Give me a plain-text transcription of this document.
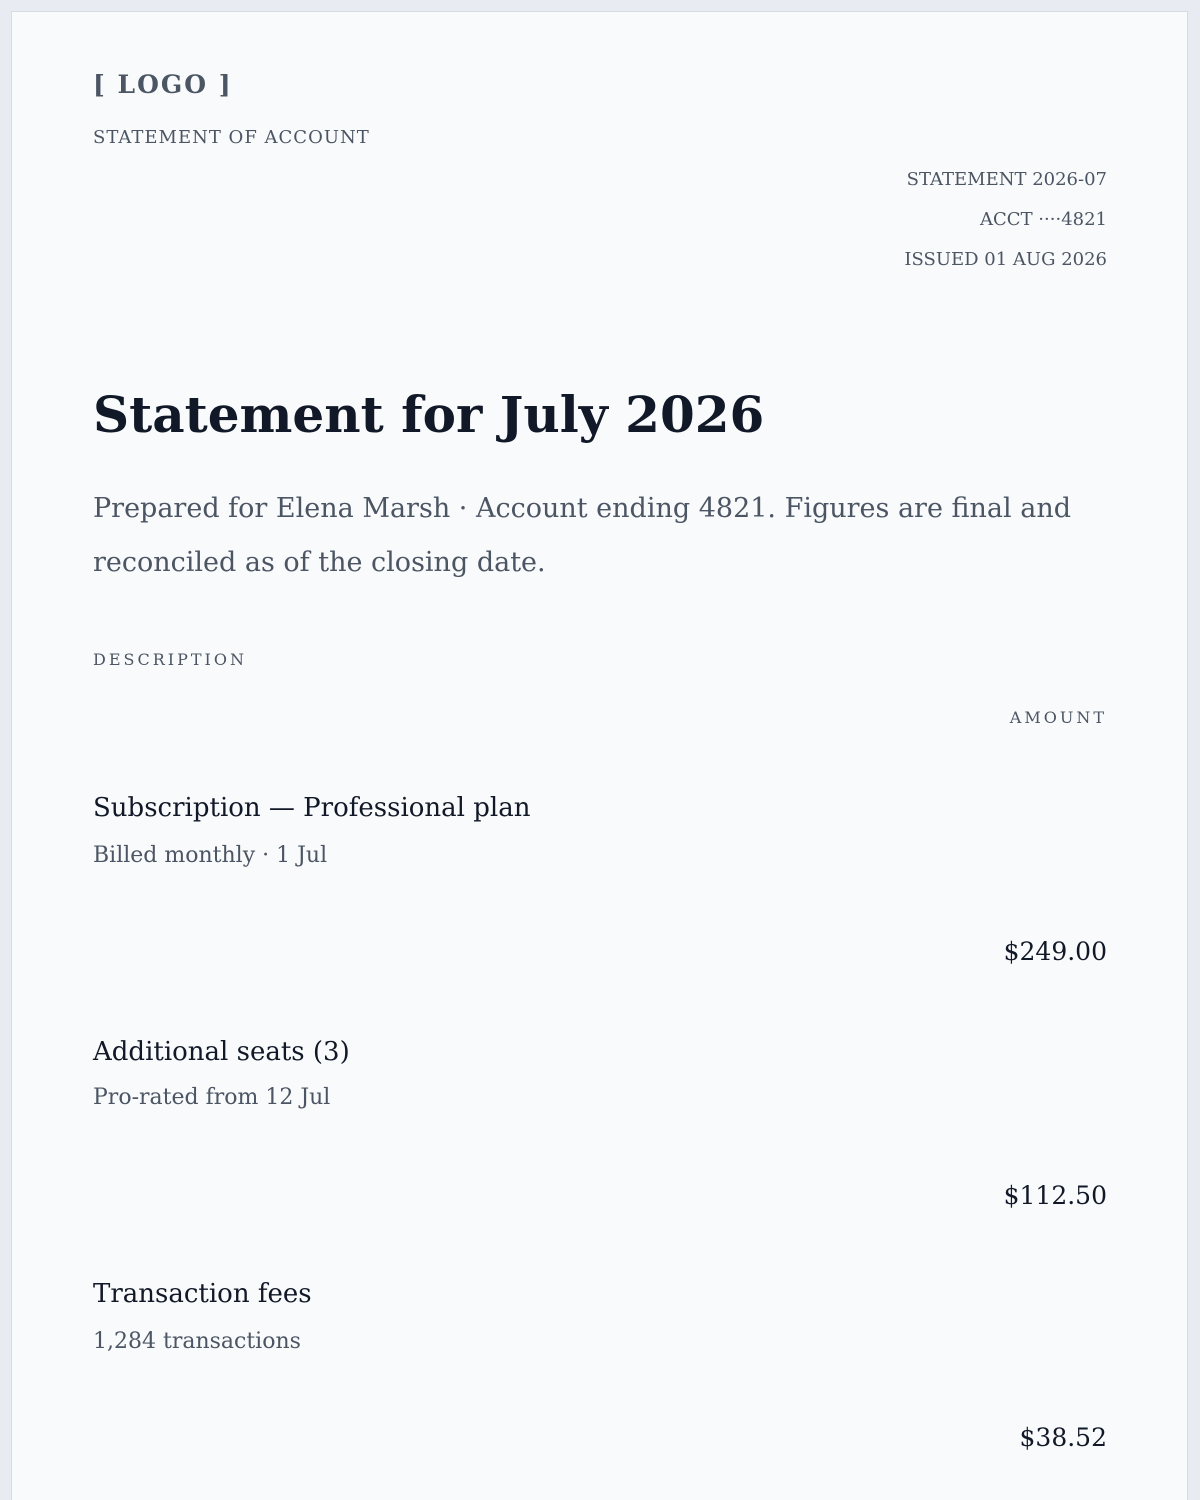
[ LOGO ]
STATEMENT OF ACCOUNT
STATEMENT 2026-07
ACCT ····4821
ISSUED 01 AUG 2026
Statement for July 2026

Prepared for Elena Marsh · Account ending 4821. Figures are final and reconciled as of the closing date.

DESCRIPTION
AMOUNT
Subscription — Professional plan
Billed monthly · 1 Jul
$249.00
Additional seats (3)
Pro-rated from 12 Jul
$112.50
Transaction fees
1,284 transactions
$38.52
